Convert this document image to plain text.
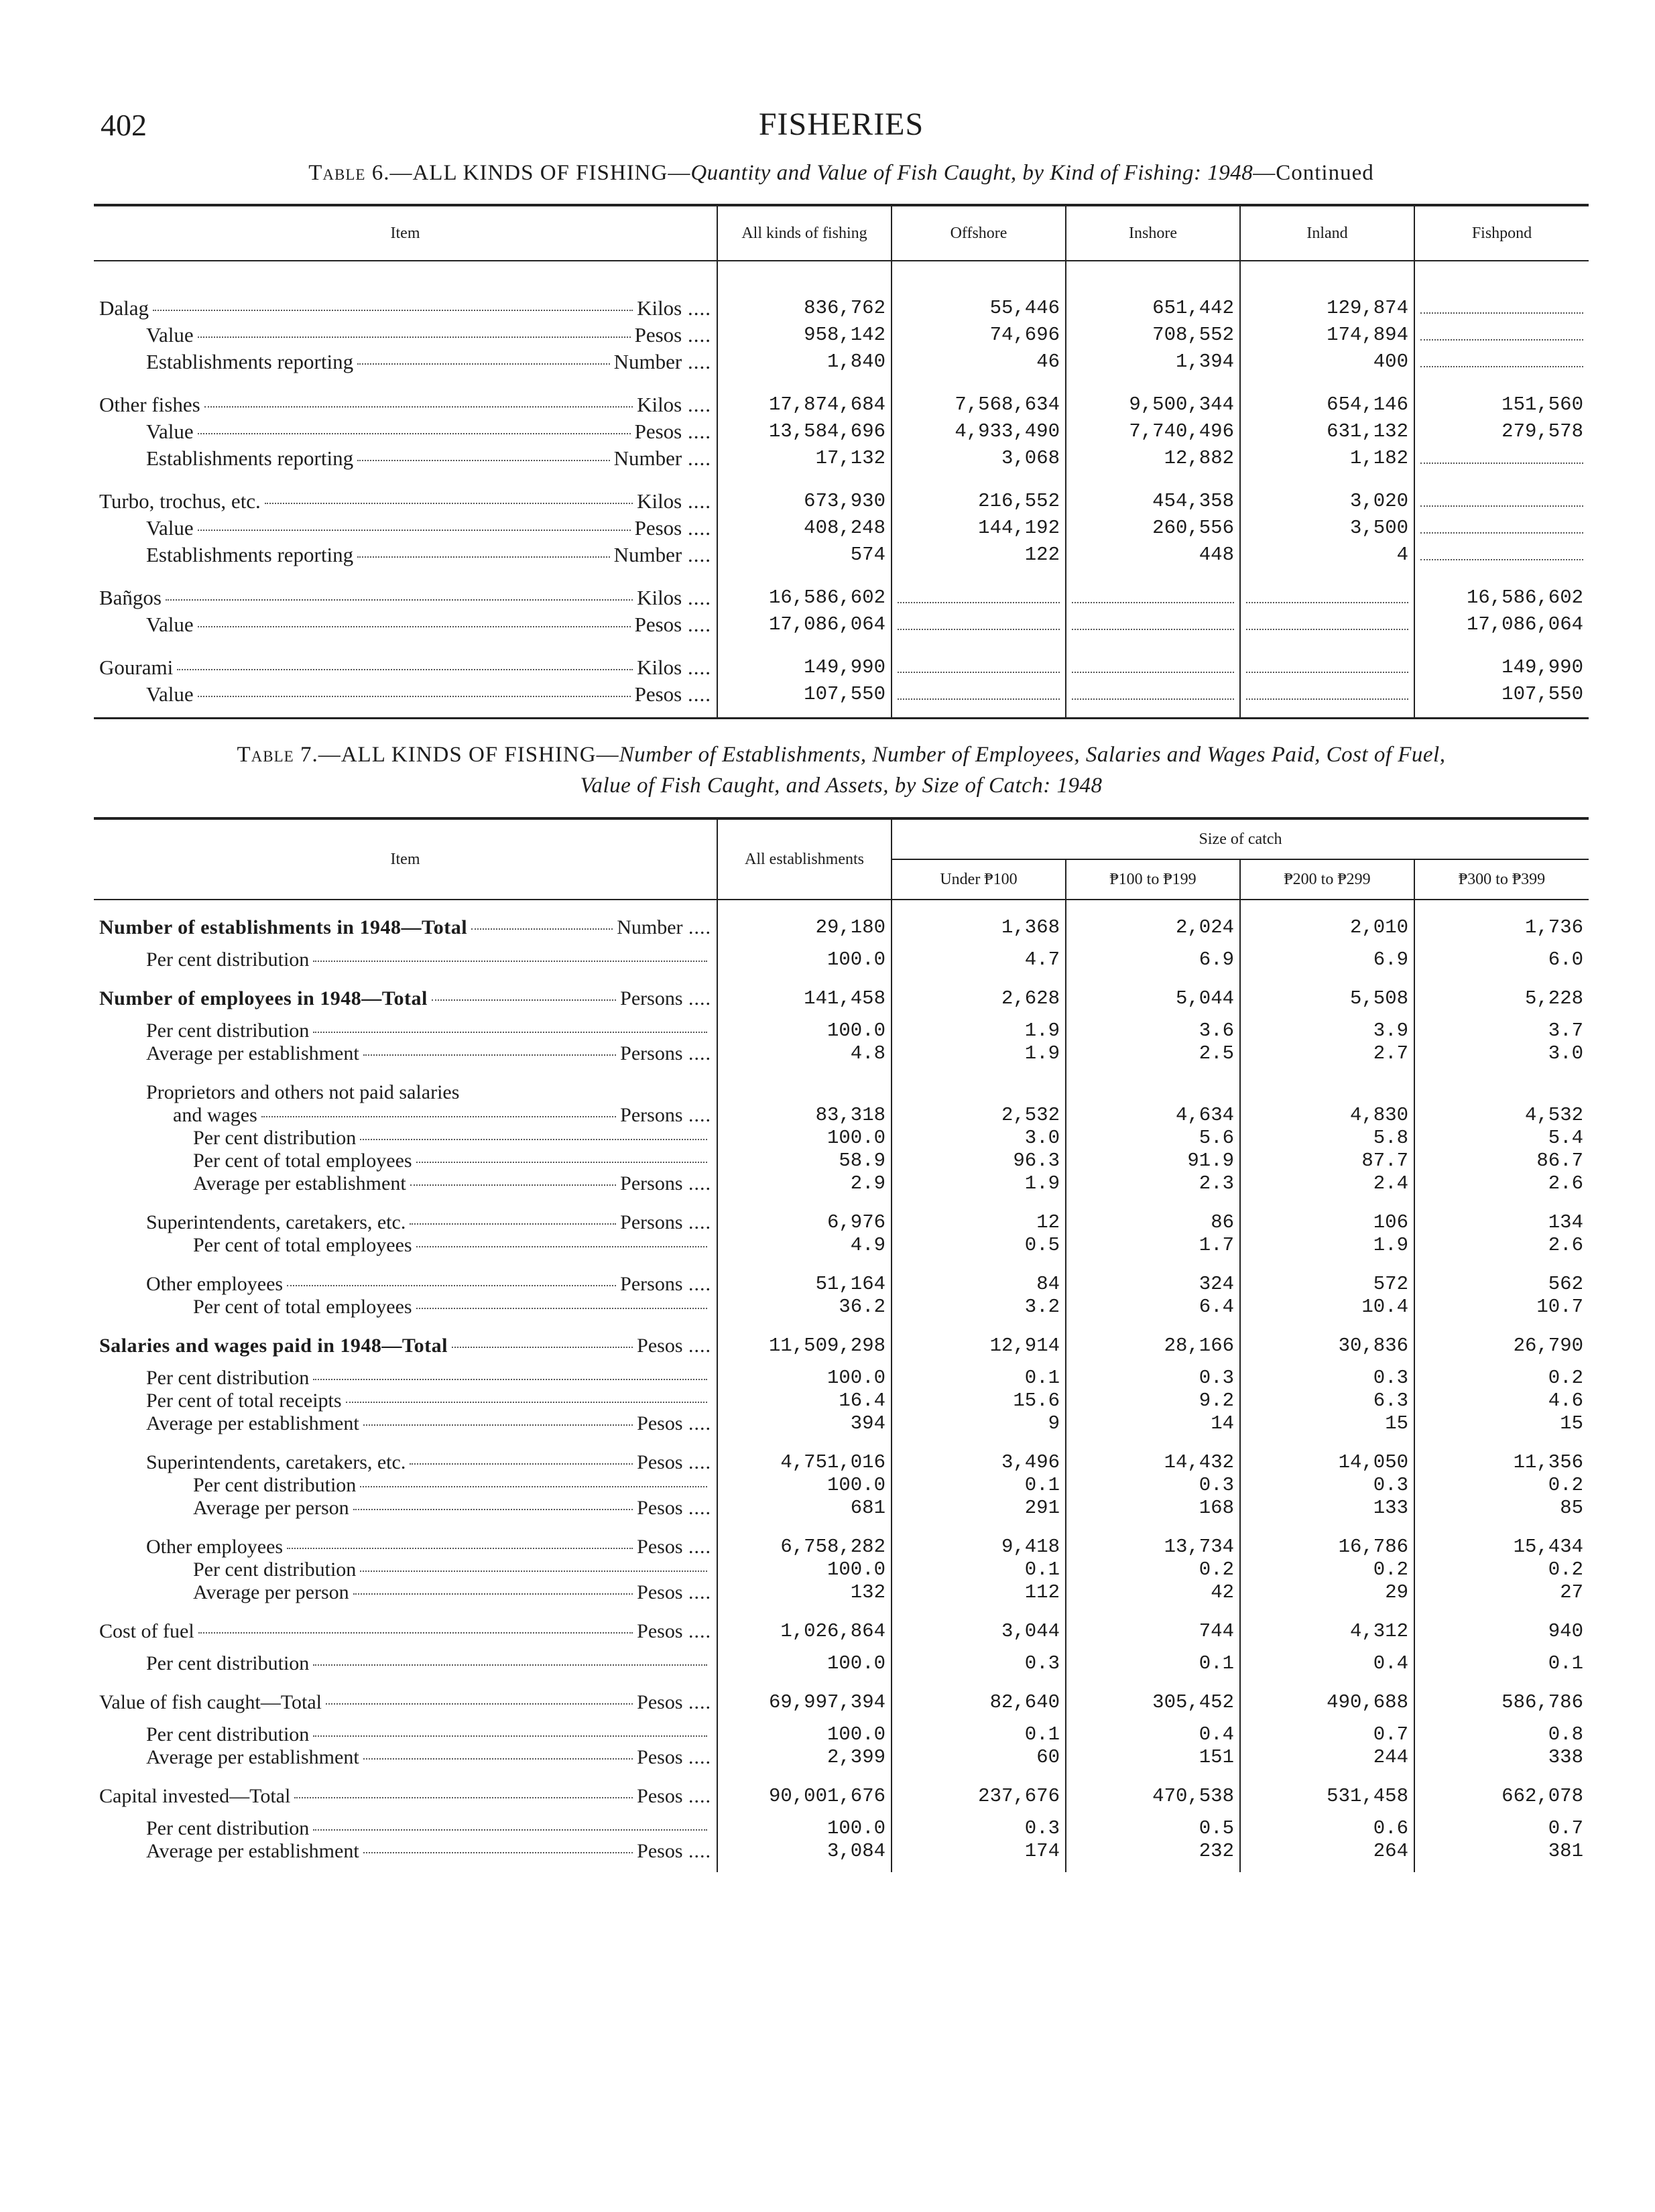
402	FISHERIES
Table 6.—ALL KINDS OF FISHING—Quantity and Value of Fish Caught, by Kind of Fishing: 1948—Continued
Item	All kinds of fishing	Offshore	Inshore	Inland	Fishpond

Dalag Kilos ....	836,762	55,446	651,442	129,874	

Value Pesos ....	958,142	74,696	708,552	174,894	

Establishments reporting Number ....	1,840	46	1,394	400	

Other fishes Kilos ....	17,874,684	7,568,634	9,500,344	654,146	151,560

Value Pesos ....	13,584,696	4,933,490	7,740,496	631,132	279,578

Establishments reporting Number ....	17,132	3,068	12,882	1,182	

Turbo, trochus, etc. Kilos ....	673,930	216,552	454,358	3,020	

Value Pesos ....	408,248	144,192	260,556	3,500	

Establishments reporting Number ....	574	122	448	4	

Bañgos Kilos ....	16,586,602				16,586,602

Value Pesos ....	17,086,064				17,086,064

Gourami Kilos ....	149,990				149,990

Value Pesos ....	107,550				107,550

Table 7.—ALL KINDS OF FISHING—Number of Establishments, Number of Employees, Salaries and Wages Paid, Cost of Fuel,
Value of Fish Caught, and Assets, by Size of Catch: 1948
Item	All establishments	Size of catch			
		Under ₱100	₱100 to ₱199	₱200 to ₱299	₱300 to ₱399

Number of establishments in 1948—Total Number ....	29,180	1,368	2,024	2,010	1,736

Per cent distribution	100.0	4.7	6.9	6.9	6.0

Number of employees in 1948—Total Persons ....	141,458	2,628	5,044	5,508	5,228

Per cent distribution	100.0	1.9	3.6	3.9	3.7

Average per establishment Persons ....	4.8	1.9	2.5	2.7	3.0

Proprietors and others not paid salaries					

and wages Persons ....	83,318	2,532	4,634	4,830	4,532

Per cent distribution	100.0	3.0	5.6	5.8	5.4

Per cent of total employees	58.9	96.3	91.9	87.7	86.7

Average per establishment Persons ....	2.9	1.9	2.3	2.4	2.6

Superintendents, caretakers, etc. Persons ....	6,976	12	86	106	134

Per cent of total employees	4.9	0.5	1.7	1.9	2.6

Other employees Persons ....	51,164	84	324	572	562

Per cent of total employees	36.2	3.2	6.4	10.4	10.7

Salaries and wages paid in 1948—Total Pesos ....	11,509,298	12,914	28,166	30,836	26,790

Per cent distribution	100.0	0.1	0.3	0.3	0.2

Per cent of total receipts	16.4	15.6	9.2	6.3	4.6

Average per establishment Pesos ....	394	9	14	15	15

Superintendents, caretakers, etc. Pesos ....	4,751,016	3,496	14,432	14,050	11,356

Per cent distribution	100.0	0.1	0.3	0.3	0.2

Average per person Pesos ....	681	291	168	133	85

Other employees Pesos ....	6,758,282	9,418	13,734	16,786	15,434

Per cent distribution	100.0	0.1	0.2	0.2	0.2

Average per person Pesos ....	132	112	42	29	27

Cost of fuel Pesos ....	1,026,864	3,044	744	4,312	940

Per cent distribution	100.0	0.3	0.1	0.4	0.1

Value of fish caught—Total Pesos ....	69,997,394	82,640	305,452	490,688	586,786

Per cent distribution	100.0	0.1	0.4	0.7	0.8

Average per establishment Pesos ....	2,399	60	151	244	338

Capital invested—Total Pesos ....	90,001,676	237,676	470,538	531,458	662,078

Per cent distribution	100.0	0.3	0.5	0.6	0.7

Average per establishment Pesos ....	3,084	174	232	264	381
